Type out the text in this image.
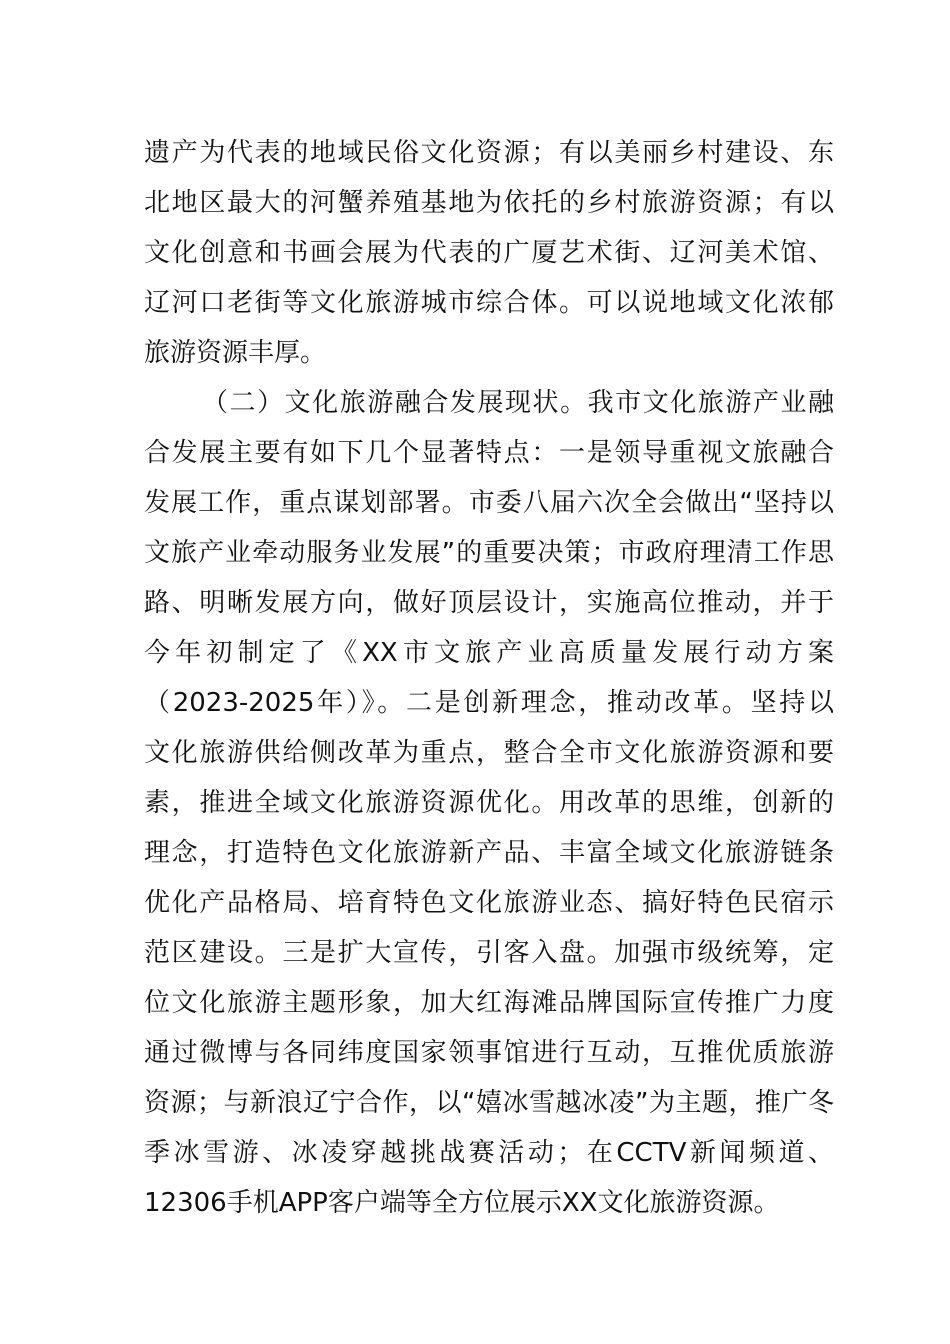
遗产为代表的地域民俗文化资源；有以美丽乡村建设、东
北地区最大的河蟹养殖基地为依托的乡村旅游资源；有以
文化创意和书画会展为代表的广厦艺术街、辽河美术馆、
辽河口老街等文化旅游城市综合体。可以说地域文化浓郁
旅游资源丰厚。
（二）文化旅游融合发展现状。我市文化旅游产业融
合发展主要有如下几个显著特点：一是领导重视文旅融合
发展工作，重点谋划部署。市委八届六次全会做出“坚持以
文旅产业牵动服务业发展”的重要决策；市政府理清工作思
路、明晰发展方向，做好顶层设计，实施高位推动，并于
今年初制定了《XX市文旅产业高质量发展行动方案
（2023-2025年）》。二是创新理念，推动改革。坚持以
文化旅游供给侧改革为重点，整合全市文化旅游资源和要
素，推进全域文化旅游资源优化。用改革的思维，创新的
理念，打造特色文化旅游新产品、丰富全域文化旅游链条
优化产品格局、培育特色文化旅游业态、搞好特色民宿示
范区建设。三是扩大宣传，引客入盘。加强市级统筹，定
位文化旅游主题形象，加大红海滩品牌国际宣传推广力度
通过微博与各同纬度国家领事馆进行互动，互推优质旅游
资源；与新浪辽宁合作，以“嬉冰雪越冰凌”为主题，推广冬
季冰雪游、冰凌穿越挑战赛活动；在CCTV新闻频道、
12306手机APP客户端等全方位展示XX文化旅游资源。
